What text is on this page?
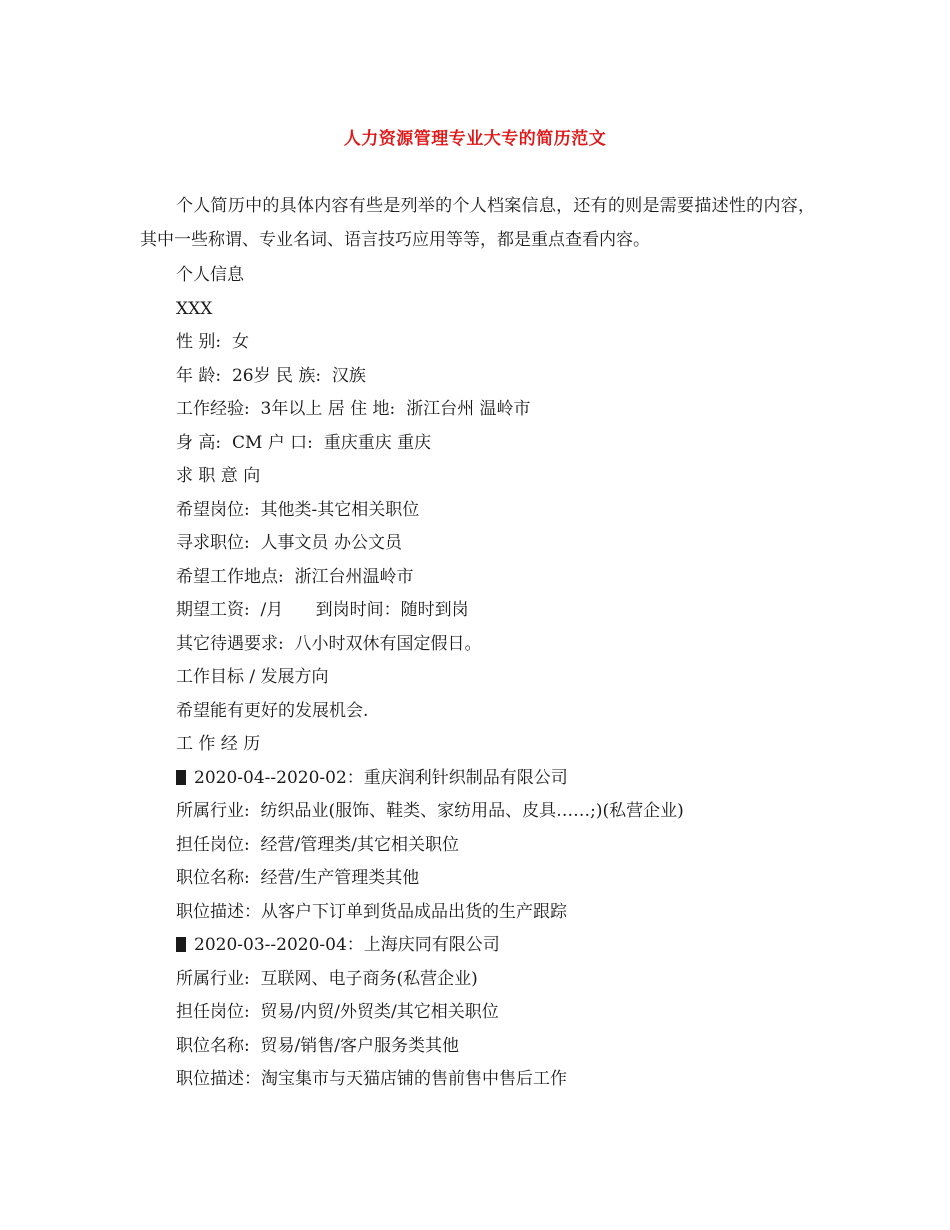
人力资源管理专业大专的简历范文

个人简历中的具体内容有些是列举的个人档案信息，还有的则是需要描述性的内容，其中一些称谓、专业名词、语言技巧应用等等，都是重点查看内容。

个人信息
XXX
性 别:  女
年 龄:  26岁 民 族:  汉族
工作经验:  3年以上 居 住 地:  浙江台州 温岭市
身 高:  CM 户 口:  重庆重庆 重庆
求 职 意 向
希望岗位:  其他类-其它相关职位
寻求职位:  人事文员 办公文员
希望工作地点:  浙江台州温岭市
期望工资:  /月      到岗时间：随时到岗
其它待遇要求:  八小时双休有国定假日。
工作目标 / 发展方向
希望能有更好的发展机会.
工 作 经 历
2020-04--2020-02：重庆润利针织制品有限公司
所属行业:  纺织品业(服饰、鞋类、家纺用品、皮具……;)(私营企业)
担任岗位:  经营/管理类/其它相关职位
职位名称:  经营/生产管理类其他
职位描述：从客户下订单到货品成品出货的生产跟踪
2020-03--2020-04：上海庆同有限公司
所属行业:  互联网、电子商务(私营企业)
担任岗位:  贸易/内贸/外贸类/其它相关职位
职位名称:  贸易/销售/客户服务类其他
职位描述：淘宝集市与天猫店铺的售前售中售后工作
